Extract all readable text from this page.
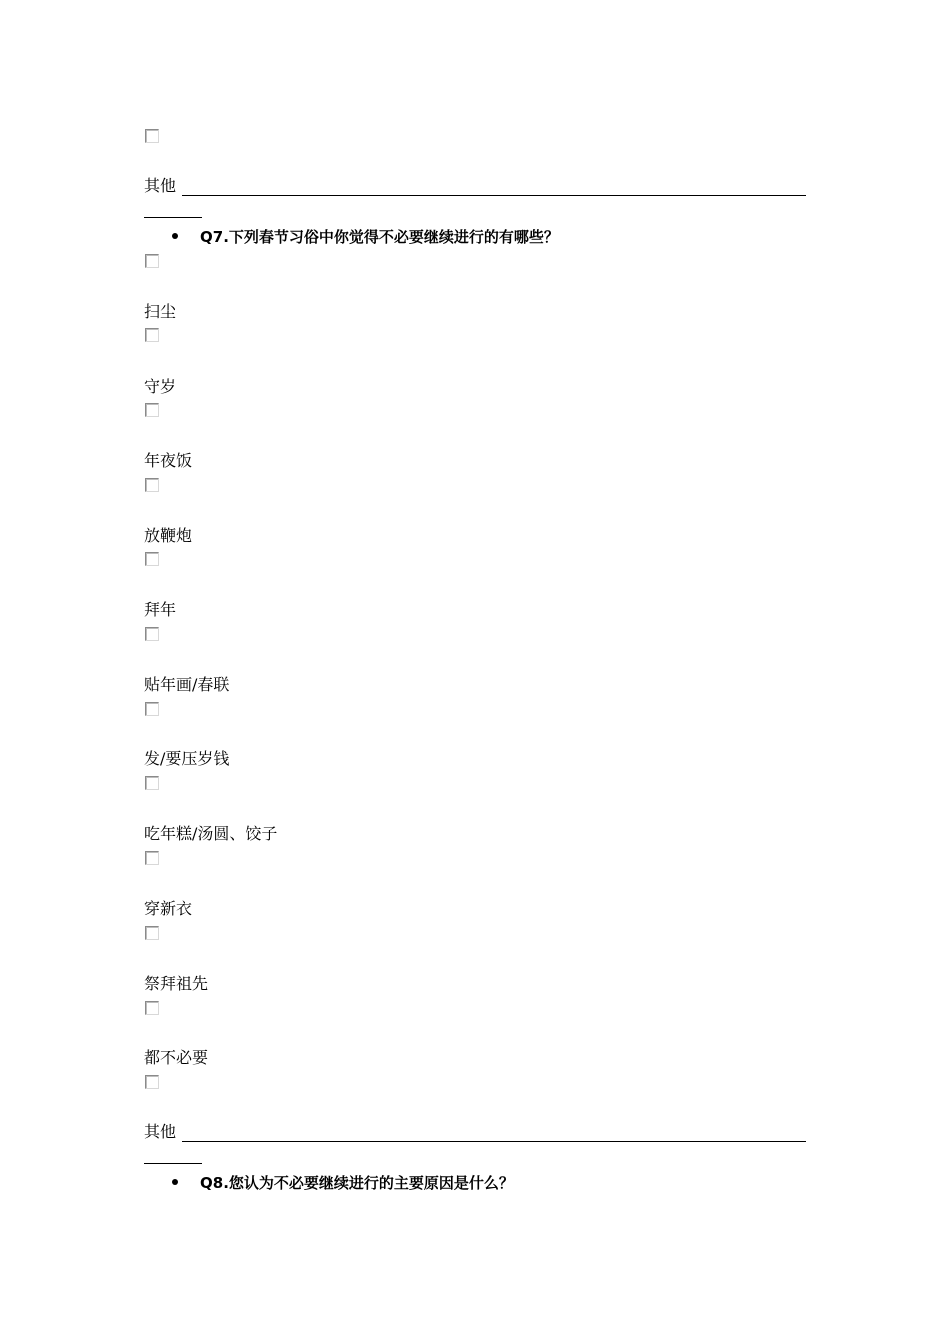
其他
Q7.下列春节习俗中你觉得不必要继续进行的有哪些？
扫尘
守岁
年夜饭
放鞭炮
拜年
贴年画/春联
发/要压岁钱
吃年糕/汤圆、饺子
穿新衣
祭拜祖先
都不必要
其他
Q8.您认为不必要继续进行的主要原因是什么？
